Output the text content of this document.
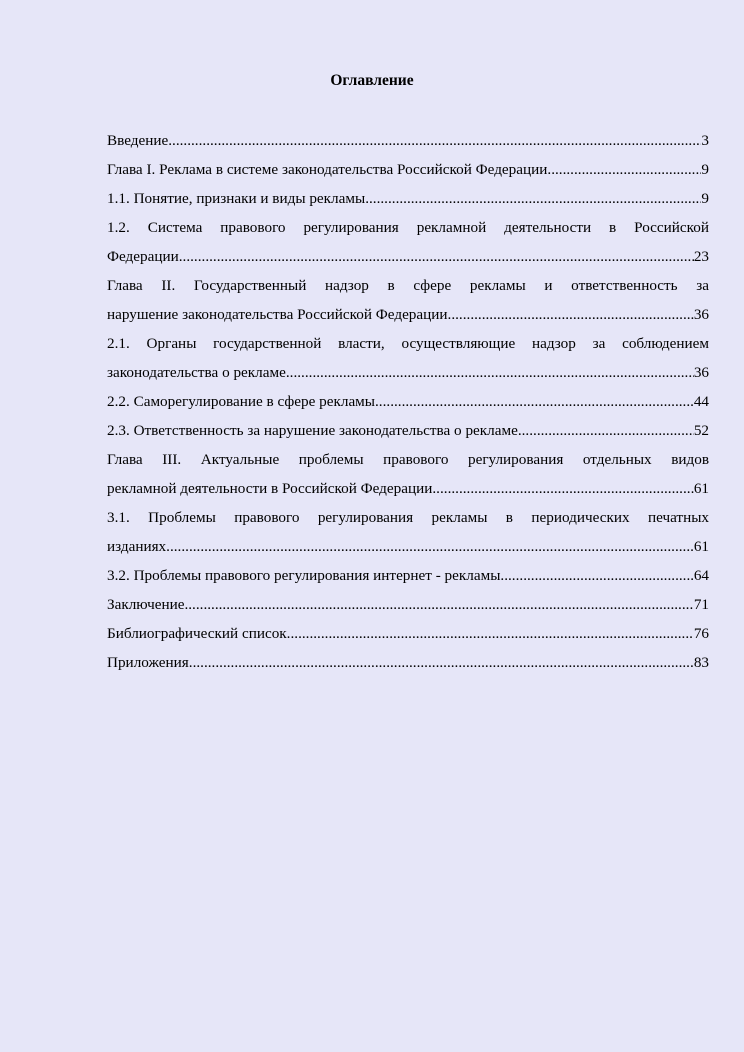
Оглавление
Введение .....	3
Глава I. Реклама в системе законодательства Российской Федерации .....	9
1.1. Понятие, признаки и виды рекламы .....	9
1.2. Система правового регулирования рекламной деятельности в Российской
Федерации .....	23
Глава II. Государственный надзор в сфере рекламы и ответственность за
нарушение законодательства Российской Федерации .....	36
2.1. Органы государственной власти, осуществляющие надзор за соблюдением
законодательства о рекламе .....	36
2.2. Саморегулирование в сфере рекламы .....	44
2.3. Ответственность за нарушение законодательства о рекламе .....	52
Глава III. Актуальные проблемы правового регулирования отдельных видов
рекламной деятельности в Российской Федерации .....	61
3.1. Проблемы правового регулирования рекламы в периодических печатных
изданиях .....	61
3.2. Проблемы правового регулирования интернет - рекламы .....	64
Заключение .....	71
Библиографический список .....	76
Приложения .....	83
